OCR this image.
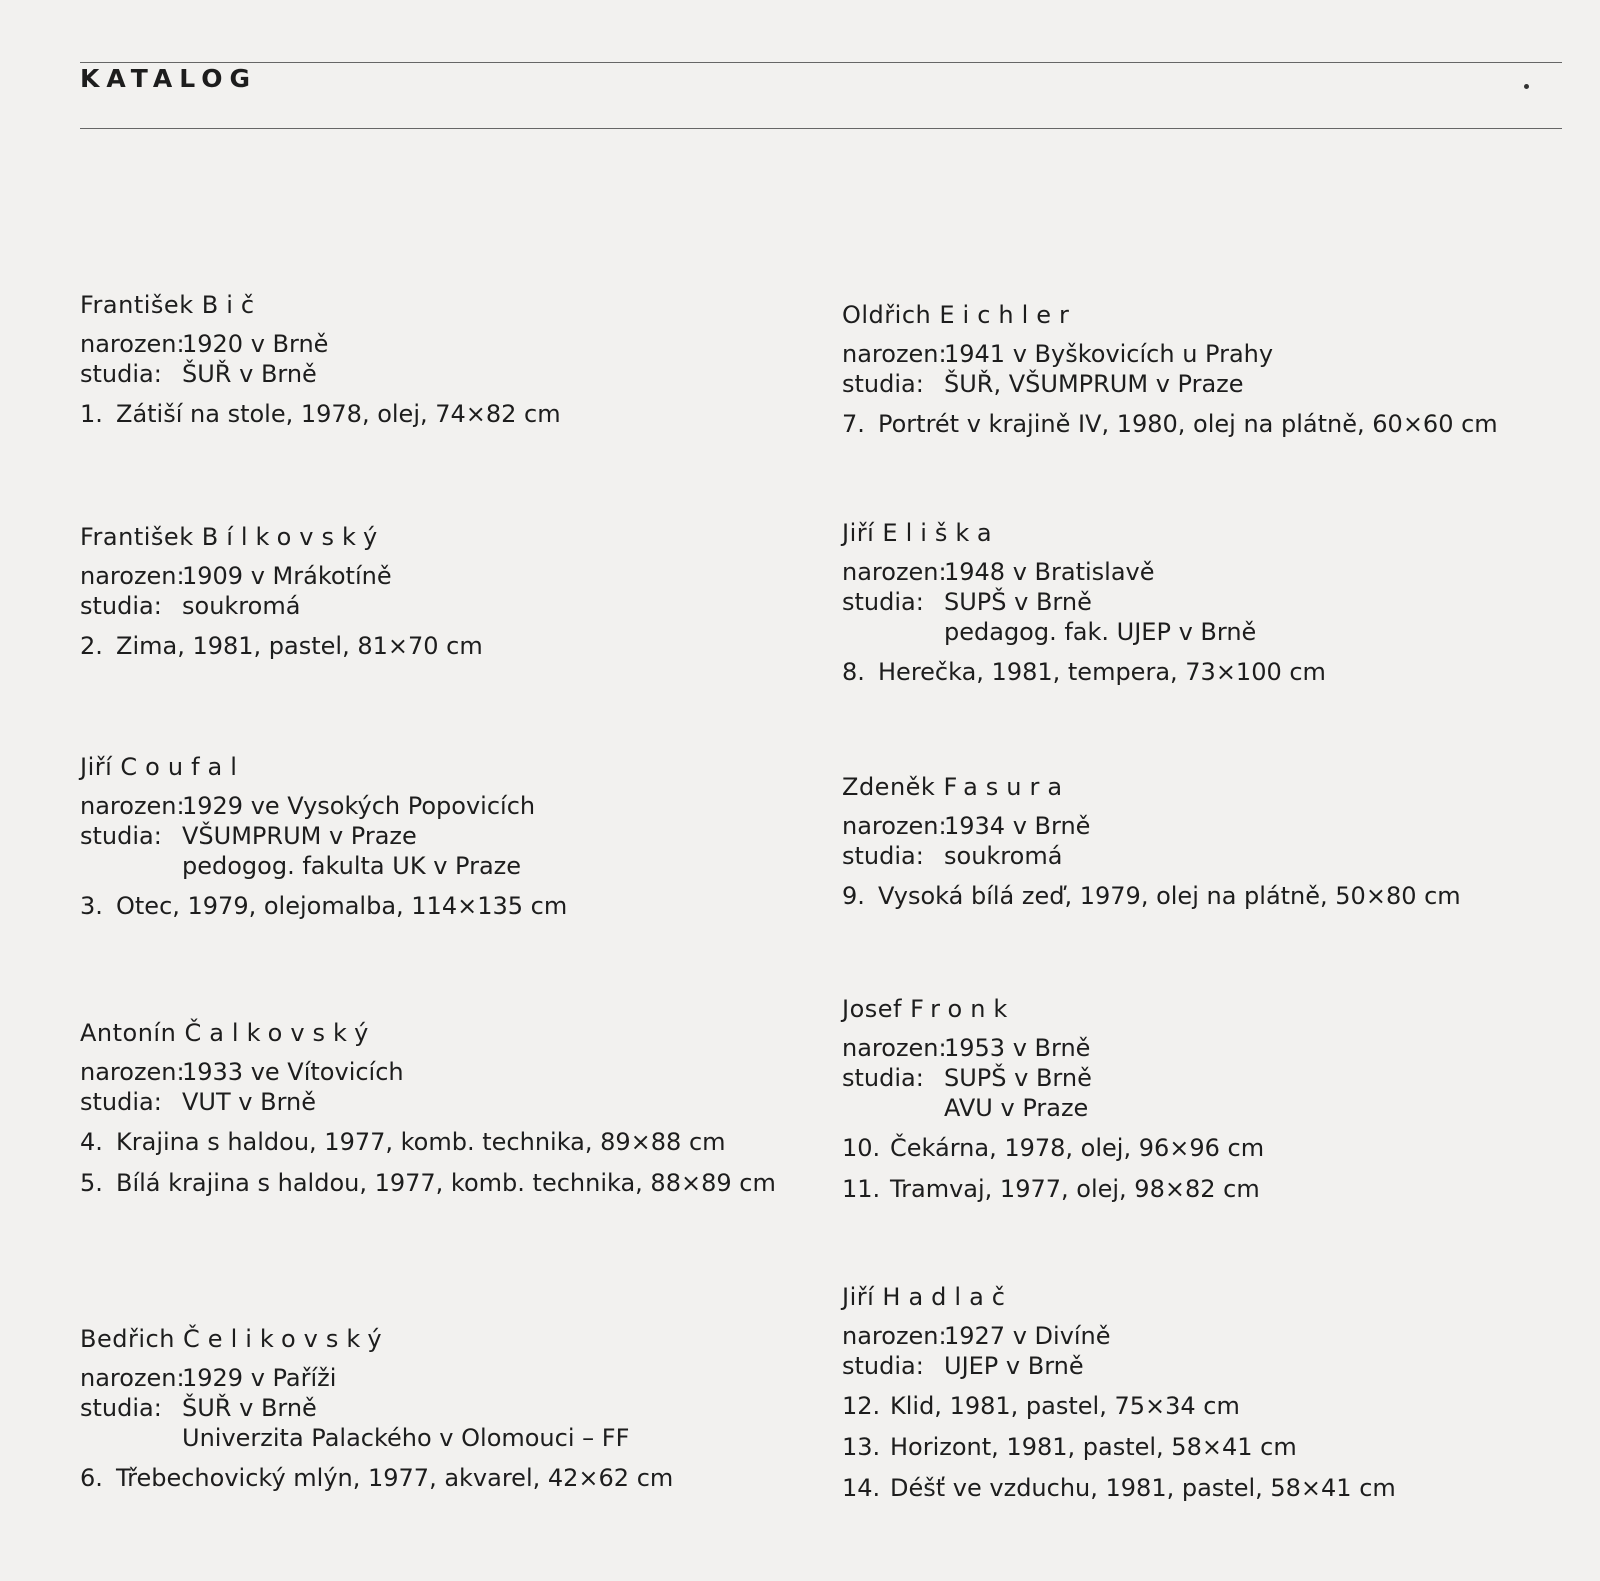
KATALOG
František Bič
narozen:
1920 v Brně
studia: ŠUŘ v Brně
1. Zátiší na stole, 1978, olej, 74×82 cm
František Bílkovský
narozen:
1909 v Mrákotíně
studia: soukromá
2. Zima, 1981, pastel, 81×70 cm
Jiří Coufal
narozen:
1929 ve Vysokých Popovicích
studia: VŠUMPRUM v Praze
pedogog. fakulta UK v Praze
3. Otec, 1979, olejomalba, 114×135 cm
Antonín Čalkovský
narozen:
1933 ve Vítovicích
studia: VUT v Brně
4. Krajina s haldou, 1977, komb. technika, 89×88 cm
5. Bílá krajina s haldou, 1977, komb. technika, 88×89 cm
Bedřich Čelikovský
narozen:
1929 v Paříži
studia: ŠUŘ v Brně
Univerzita Palackého v Olomouci – FF
6. Třebechovický mlýn, 1977, akvarel, 42×62 cm
Oldřich Eichler
narozen:
1941 v Byškovicích u Prahy
studia: ŠUŘ, VŠUMPRUM v Praze
7. Portrét v krajině IV, 1980, olej na plátně, 60×60 cm
Jiří Eliška
narozen:
1948 v Bratislavě
studia: SUPŠ v Brně
pedagog. fak. UJEP v Brně
8. Herečka, 1981, tempera, 73×100 cm
Zdeněk Fasura
narozen:
1934 v Brně
studia: soukromá
9. Vysoká bílá zeď, 1979, olej na plátně, 50×80 cm
Josef Fronk
narozen:
1953 v Brně
studia: SUPŠ v Brně
AVU v Praze
10. Čekárna, 1978, olej, 96×96 cm
11. Tramvaj, 1977, olej, 98×82 cm
Jiří Hadlač
narozen:
1927 v Divíně
studia: UJEP v Brně
12. Klid, 1981, pastel, 75×34 cm
13. Horizont, 1981, pastel, 58×41 cm
14. Déšť ve vzduchu, 1981, pastel, 58×41 cm
